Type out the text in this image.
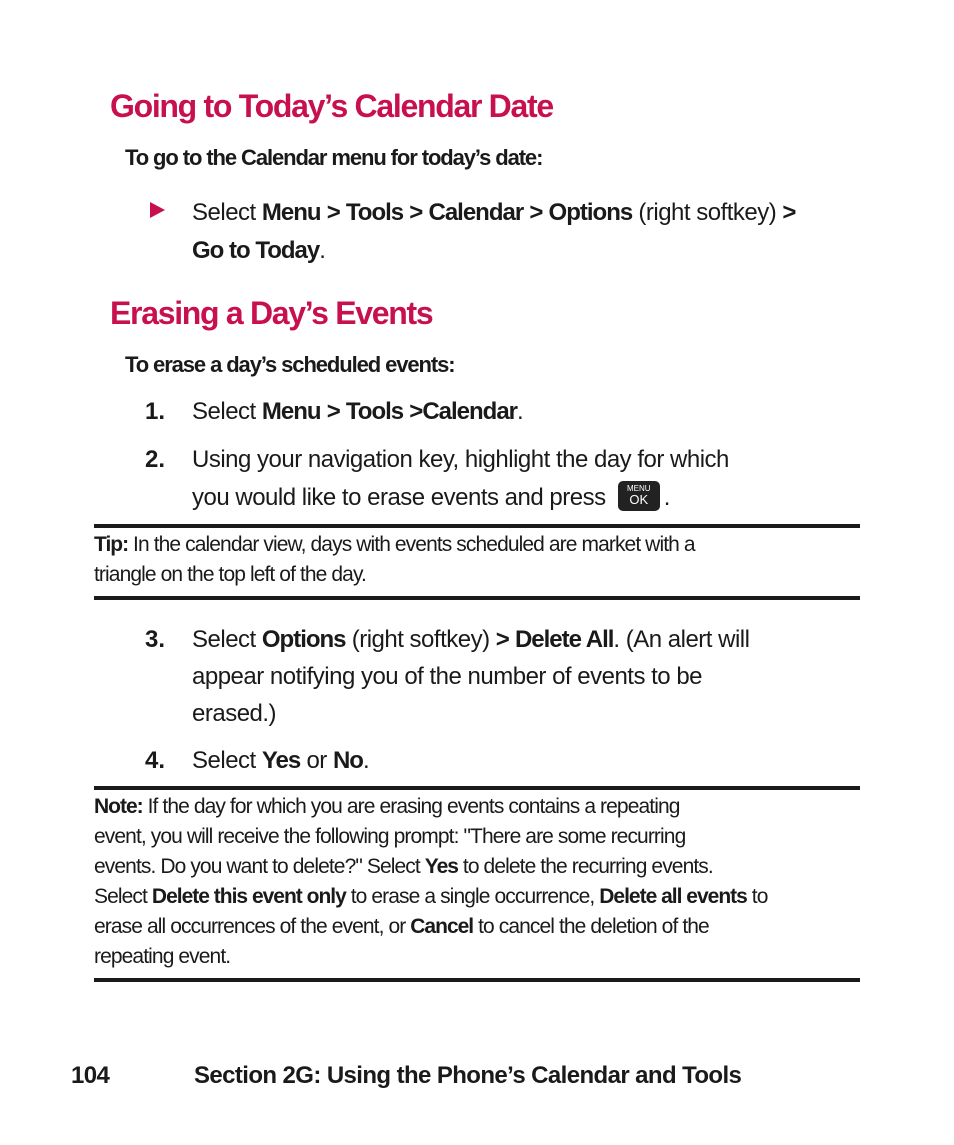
Going to Today’s Calendar Date

To go to the Calendar menu for today’s date:

Select Menu > Tools > Calendar > Options (right softkey) >
Go to Today.

Erasing a Day’s Events

To erase a day’s scheduled events:

1. Select Menu > Tools >Calendar.

2. Using your navigation key, highlight the day for which
you would like to erase events and press	MENU
OK .

Tip: In the calendar view, days with events scheduled are market with a
triangle on the top left of the day.

3. Select Options (right softkey) > Delete All. (An alert will
appear notifying you of the number of events to be
erased.)

4. Select Yes or No.

Note: If the day for which you are erasing events contains a repeating
event, you will receive the following prompt: "There are some recurring
events. Do you want to delete?" Select Yes to delete the recurring events.
Select Delete this event only to erase a single occurrence, Delete all events to
erase all occurrences of the event, or Cancel to cancel the deletion of the
repeating event.

104	Section 2G: Using the Phone’s Calendar and Tools
